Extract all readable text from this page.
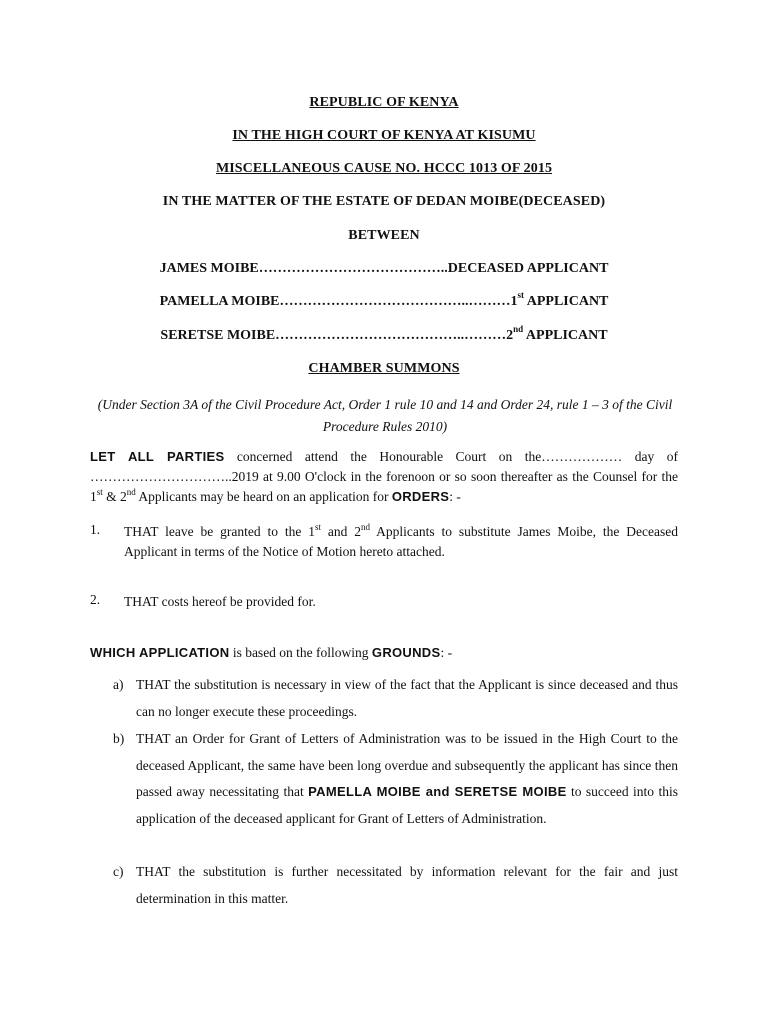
REPUBLIC OF KENYA
IN THE HIGH COURT OF KENYA AT KISUMU
MISCELLANEOUS CAUSE NO. HCCC 1013 OF 2015
IN THE MATTER OF THE ESTATE OF DEDAN MOIBE(DECEASED)
BETWEEN
JAMES MOIBE…………………………………..DECEASED APPLICANT
PAMELLA MOIBE…………………………………..………1st APPLICANT
SERETSE MOIBE…………………………………..………2nd APPLICANT
CHAMBER SUMMONS
(Under Section 3A of the Civil Procedure Act, Order 1 rule 10 and 14 and Order 24, rule 1 – 3 of the Civil Procedure Rules 2010)
LET ALL PARTIES concerned attend the Honourable Court on the……………… day of …………………………..2019 at 9.00 O'clock in the forenoon or so soon thereafter as the Counsel for the 1st & 2nd Applicants may be heard on an application for ORDERS: -
1. THAT leave be granted to the 1st and 2nd Applicants to substitute James Moibe, the Deceased Applicant in terms of the Notice of Motion hereto attached.
2. THAT costs hereof be provided for.
WHICH APPLICATION is based on the following GROUNDS: -
a) THAT the substitution is necessary in view of the fact that the Applicant is since deceased and thus can no longer execute these proceedings.
b) THAT an Order for Grant of Letters of Administration was to be issued in the High Court to the deceased Applicant, the same have been long overdue and subsequently the applicant has since then passed away necessitating that PAMELLA MOIBE and SERETSE MOIBE to succeed into this application of the deceased applicant for Grant of Letters of Administration.
c) THAT the substitution is further necessitated by information relevant for the fair and just determination in this matter.
